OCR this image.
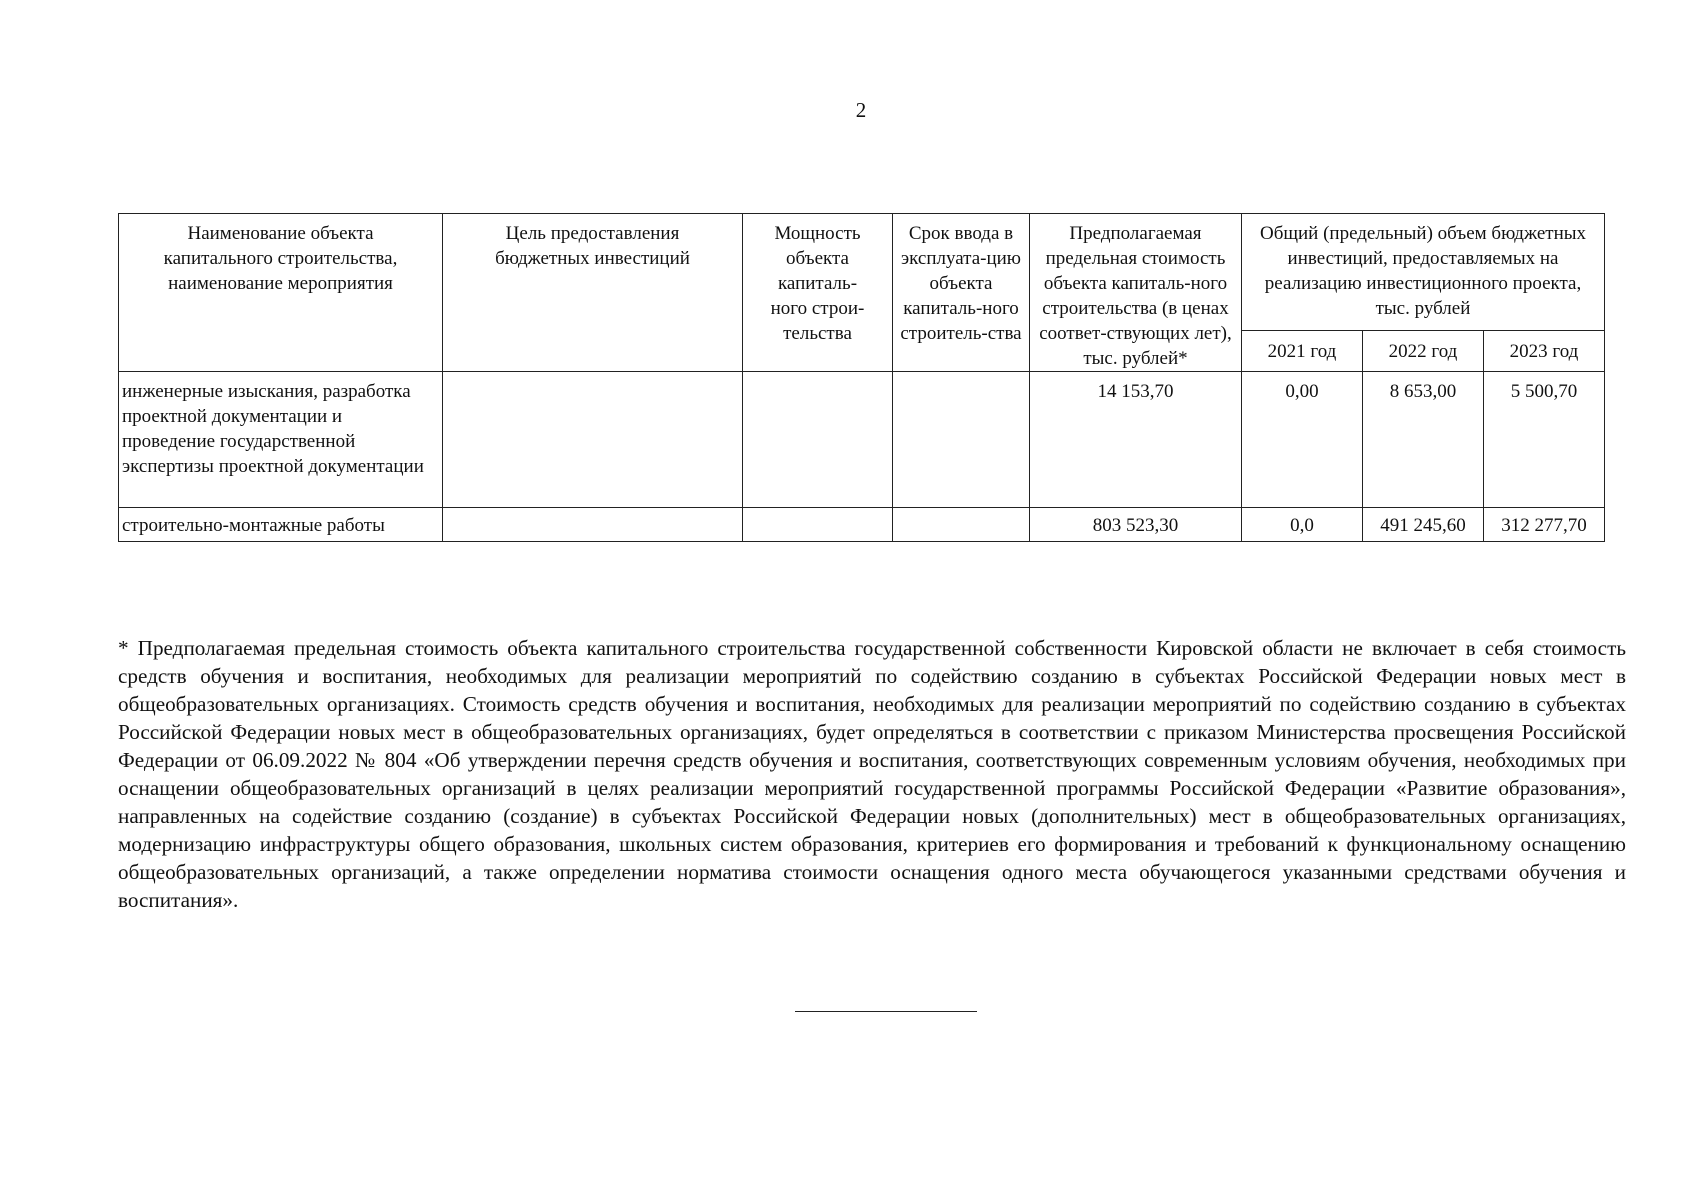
2
Наименование объекта капитального строительства, наименование мероприятия	Цель предоставления бюджетных инвестиций	Мощность объекта капиталь-ного строи-тельства	Срок ввода в эксплуата-цию объекта капиталь-ного строитель-ства	Предполагаемая предельная стоимость объекта капиталь-ного строительства (в ценах соответ-ствующих лет), тыс. рублей*	Общий (предельный) объем бюджетных инвестиций, предоставляемых на реализацию инвестиционного проекта, тыс. рублей		

					2021 год	2022 год	2023 год
инженерные изыскания, разработка проектной документации и проведение государственной экспертизы проектной документации				14 153,70	0,00	8 653,00	5 500,70
строительно-монтажные работы				803 523,30	0,0	491 245,60	312 277,70

* Предполагаемая предельная стоимость объекта капитального строительства государственной собственности Кировской области не включает в себя стоимость средств обучения и воспитания, необходимых для реализации мероприятий по содействию созданию в субъектах Российской Федерации новых мест в общеобразовательных организациях. Стоимость средств обучения и воспитания, необходимых для реализации мероприятий по содействию созданию в субъектах Российской Федерации новых мест в общеобразовательных организациях, будет определяться в соответствии с приказом Министерства просвещения Российской Федерации от 06.09.2022 № 804 «Об утверждении перечня средств обучения и воспитания, соответствующих современным условиям обучения, необходимых при оснащении общеобразовательных организаций в целях реализации мероприятий государственной программы Российской Федерации «Развитие образования», направленных на содействие созданию (создание) в субъектах Российской Федерации новых (дополнительных) мест в общеобразовательных организациях, модернизацию инфраструктуры общего образования, школьных систем образования, критериев его формирования и требований к функциональному оснащению общеобразовательных организаций, а также определении норматива стоимости оснащения одного места обучающегося указанными средствами обучения и воспитания».
